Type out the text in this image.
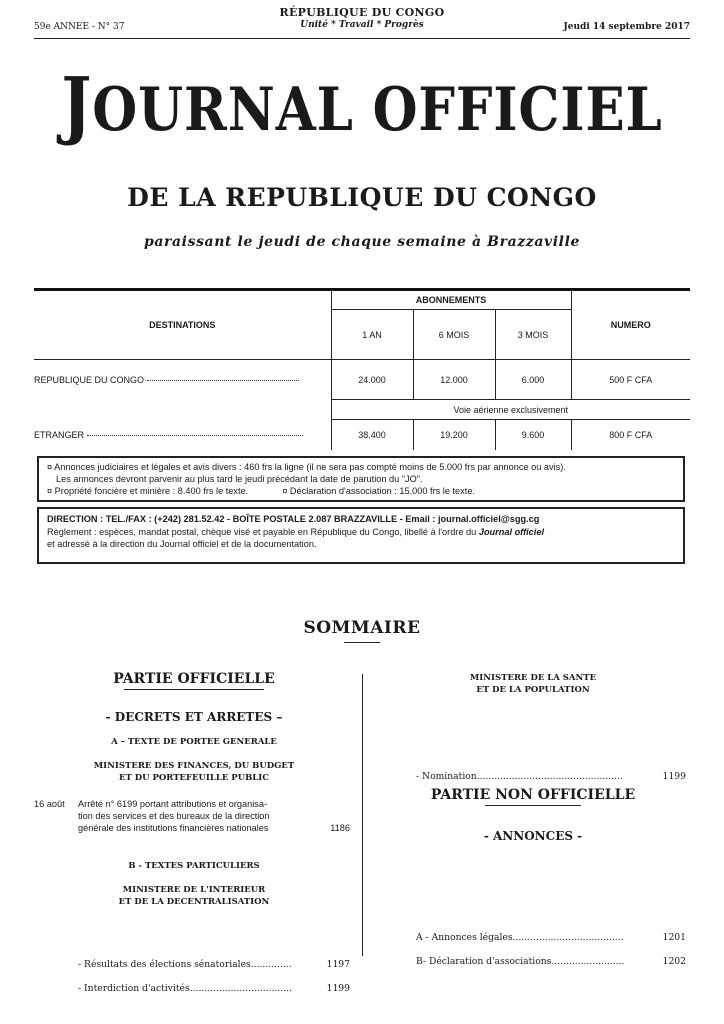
59e ANNEE - N° 37
RÉPUBLIQUE DU CONGO
Unité * Travail * Progrès	Jeudi 14 septembre 2017
JOURNAL OFFICIEL
DE LA REPUBLIQUE DU CONGO
paraissant le jeudi de chaque semaine à Brazzaville
DESTINATIONS	ABONNEMENTS			NUMERO
	1 AN	6 MOIS	3 MOIS	
REPUBLIQUE DU CONGO	24.000	12.000	6.000	500 F CFA
	Voie aérienne exclusivement			
ETRANGER	38.400	19.200	9.600	800 F CFA
¤ Annonces judiciaires et légales et avis divers : 460 frs la ligne (il ne sera pas compté moins de 5.000 frs par annonce ou avis).
Les annonces devront parvenir au plus tard le jeudi précédant la date de parution du "JO".
¤ Propriété foncière et minière : 8.400 frs le texte.	¤ Déclaration d'association : 15.000 frs le texte.
DIRECTION : TEL./FAX : (+242) 281.52.42 - BOÎTE POSTALE 2.087 BRAZZAVILLE - Email : journal.officiel@sgg.cg
Règlement : espèces, mandat postal, chèque visé et payable en République du Congo, libellé à l'ordre du Journal officiel
et adressé à la direction du Journal officiel et de la documentation.
SOMMAIRE
PARTIE OFFICIELLE
- DECRETS ET ARRETES –
A – TEXTE DE PORTEE GENERALE
MINISTERE DES FINANCES, DU BUDGET
ET DU PORTEFEUILLE PUBLIC
16 août Arrêté n° 6199 portant attributions et organisa-
tion des services et des bureaux de la direction
générale des institutions financières nationales	1186
B - TEXTES PARTICULIERS
MINISTERE DE L'INTERIEUR
ET DE LA DECENTRALISATION
- Résultats des élections sénatoriales..............	1197
- Interdiction d'activités...................................	1199
MINISTERE DE LA SANTE
ET DE LA POPULATION
- Nomination..................................................	1199
PARTIE NON OFFICIELLE
- ANNONCES -
A - Annonces légales......................................	1201
B- Déclaration d'associations.........................	1202
